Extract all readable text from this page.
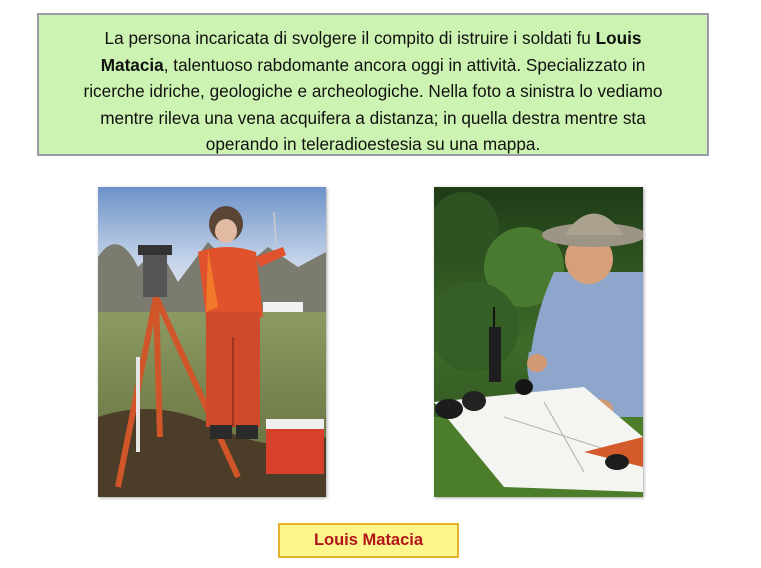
La persona incaricata di svolgere il compito di istruire i soldati fu Louis
Matacia, talentuoso rabdomante ancora oggi in attività. Specializzato in
ricerche idriche, geologiche e archeologiche. Nella foto a sinistra lo vediamo
mentre rileva una vena acquifera a distanza; in quella destra mentre sta
operando in teleradioestesia su una mappa.
Louis Matacia
